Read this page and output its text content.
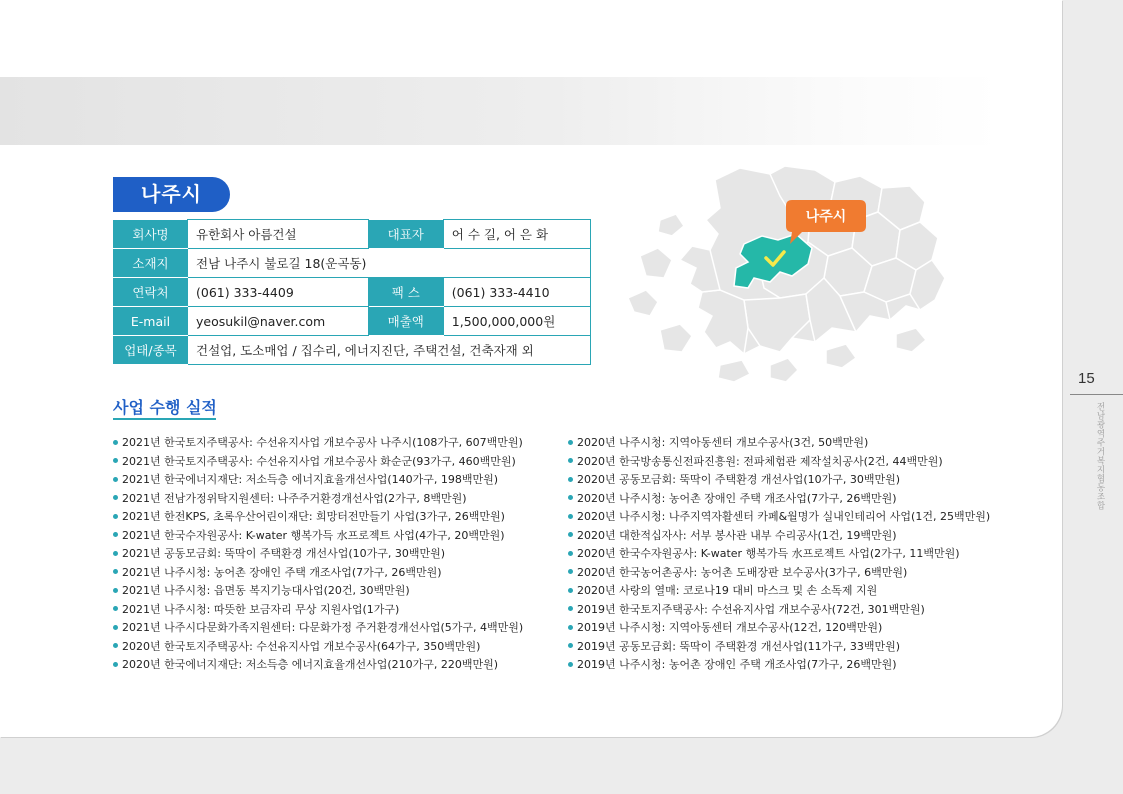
나주시
회사명	유한회사 아름건설	대표자	어 수 길, 어 은 화
소재지	전남 나주시 불로길 18(운곡동)		
연락처	(061) 333-4409	팩 스	(061) 333-4410
E-mail	yeosukil@naver.com	매출액	1,500,000,000원
업태/종목	건설업, 도소매업 / 집수리, 에너지진단, 주택건설, 건축자재 외		
사업 수행 실적
2021년 한국토지주택공사: 수선유지사업 개보수공사 나주시(108가구, 607백만원)
2021년 한국토지주택공사: 수선유지사업 개보수공사 화순군(93가구, 460백만원)
2021년 한국에너지재단: 저소득층 에너지효율개선사업(140가구, 198백만원)
2021년 전남가정위탁지원센터: 나주주거환경개선사업(2가구, 8백만원)
2021년 한전KPS, 초록우산어린이재단: 희망터전만들기 사업(3가구, 26백만원)
2021년 한국수자원공사: K-water 행복가득 水프로젝트 사업(4가구, 20백만원)
2021년 공동모금회: 뚝딱이 주택환경 개선사업(10가구, 30백만원)
2021년 나주시청: 농어촌 장애인 주택 개조사업(7가구, 26백만원)
2021년 나주시청: 읍면동 복지기능대사업(20건, 30백만원)
2021년 나주시청: 따뜻한 보금자리 무상 지원사업(1가구)
2021년 나주시다문화가족지원센터: 다문화가정 주거환경개선사업(5가구, 4백만원)
2020년 한국토지주택공사: 수선유지사업 개보수공사(64가구, 350백만원)
2020년 한국에너지재단: 저소득층 에너지효율개선사업(210가구, 220백만원)
2020년 나주시청: 지역아동센터 개보수공사(3건, 50백만원)
2020년 한국방송통신전파진흥원: 전파체험관 제작설치공사(2건, 44백만원)
2020년 공동모금회: 뚝딱이 주택환경 개선사업(10가구, 30백만원)
2020년 나주시청: 농어촌 장애인 주택 개조사업(7가구, 26백만원)
2020년 나주시청: 나주지역자활센터 카페&월명가 실내인테리어 사업(1건, 25백만원)
2020년 대한적십자사: 서부 봉사관 내부 수리공사(1건, 19백만원)
2020년 한국수자원공사: K-water 행복가득 水프로젝트 사업(2가구, 11백만원)
2020년 한국농어촌공사: 농어촌 도배장판 보수공사(3가구, 6백만원)
2020년 사랑의 열매: 코로나19 대비 마스크 및 손 소독제 지원
2019년 한국토지주택공사: 수선유지사업 개보수공사(72건, 301백만원)
2019년 나주시청: 지역아동센터 개보수공사(12건, 120백만원)
2019년 공동모금회: 뚝딱이 주택환경 개선사업(11가구, 33백만원)
2019년 나주시청: 농어촌 장애인 주택 개조사업(7가구, 26백만원)
나주시
15
전남광역주거복지협동조합
